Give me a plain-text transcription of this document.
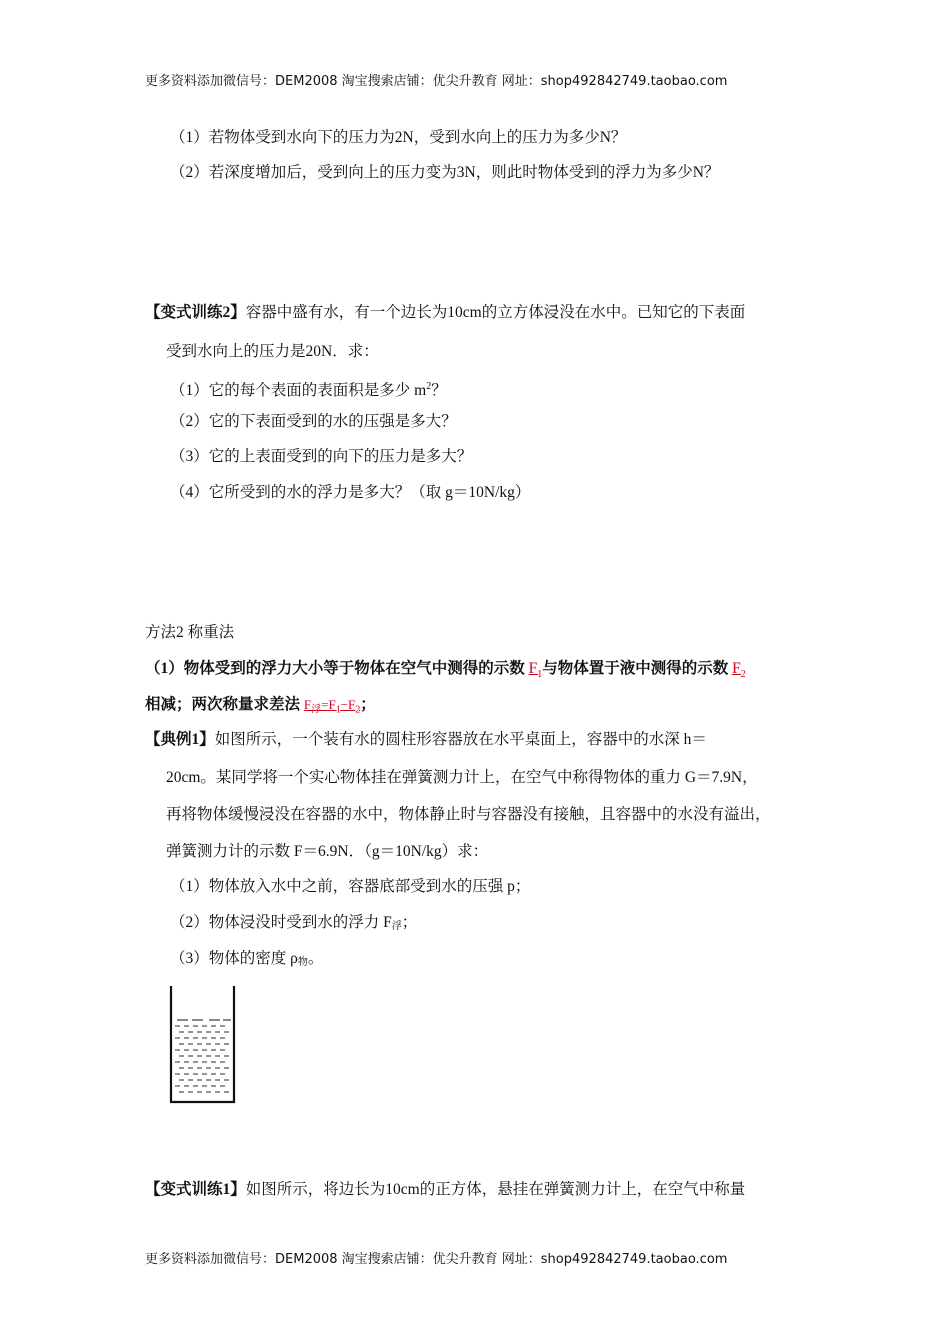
更多资料添加微信号：DEM2008 淘宝搜索店铺：优尖升教育 网址：shop492842749.taobao.com
（1）若物体受到水向下的压力为2N，受到水向上的压力为多少N？
（2）若深度增加后，受到向上的压力变为3N，则此时物体受到的浮力为多少N？
【变式训练2】容器中盛有水，有一个边长为10cm的立方体浸没在水中。已知它的下表面
受到水向上的压力是20N．求：
（1）它的每个表面的表面积是多少 $m^2$？
（2）它的下表面受到的水的压强是多大？
（3）它的上表面受到的向下的压力是多大？
（4）它所受到的水的浮力是多大？（取 g＝10N/kg）
方法2 称重法
（1）物体受到的浮力大小等于物体在空气中测得的示数 $F_1$与物体置于液中测得的示数 $F_2$
相减；两次称量求差法 $F_浮=F_1-F_2$；
【典例1】如图所示，一个装有水的圆柱形容器放在水平桌面上，容器中的水深 h＝
20cm。某同学将一个实心物体挂在弹簧测力计上，在空气中称得物体的重力 G＝7.9N，
再将物体缓慢浸没在容器的水中，物体静止时与容器没有接触，且容器中的水没有溢出，
弹簧测力计的示数 F＝6.9N．（g＝10N/kg）求：
（1）物体放入水中之前，容器底部受到水的压强 p；
（2）物体浸没时受到水的浮力 F浮；
（3）物体的密度 ρ物。
【变式训练1】如图所示，将边长为10cm的正方体，悬挂在弹簧测力计上，在空气中称量
更多资料添加微信号：DEM2008 淘宝搜索店铺：优尖升教育 网址：shop492842749.taobao.com
